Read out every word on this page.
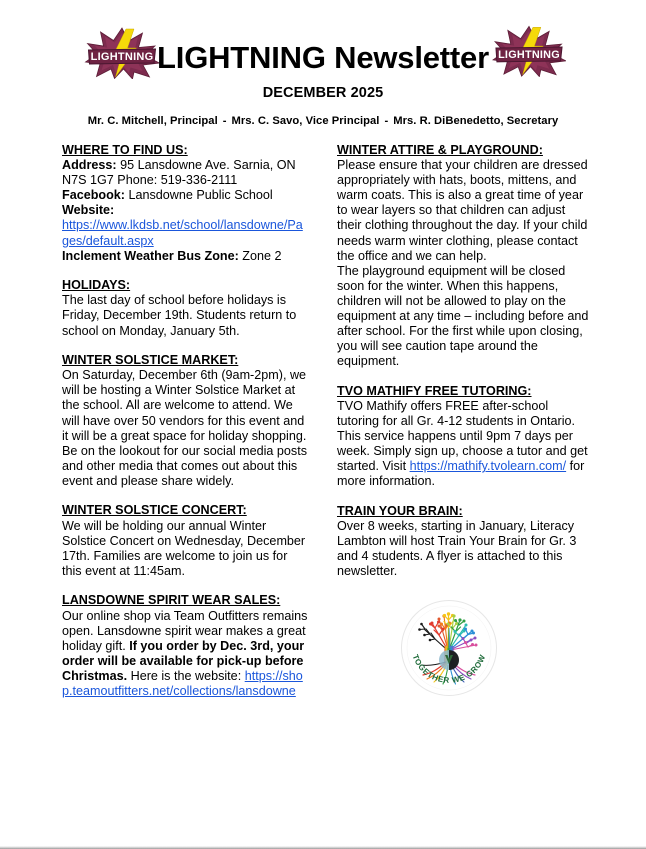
LIGHTNING LIGHTNING Newsletter
DECEMBER 2025
LIGHTNING
Mr. C. Mitchell, Principal - Mrs. C. Savo, Vice Principal - Mrs. R. DiBenedetto, Secretary

WHERE TO FIND US:

Address: 95 Lansdowne Ave. Sarnia, ON N7S 1G7 Phone: 519-336-2111

Facebook: Lansdowne Public School

Website:

https://www.lkdsb.net/school/lansdowne/Pages/default.aspx

Inclement Weather Bus Zone: Zone 2

HOLIDAYS:

The last day of school before holidays is Friday, December 19th. Students return to school on Monday, January 5th.

WINTER SOLSTICE MARKET:

On Saturday, December 6th (9am-2pm), we will be hosting a Winter Solstice Market at the school. All are welcome to attend. We will have over 50 vendors for this event and it will be a great space for holiday shopping. Be on the lookout for our social media posts and other media that comes out about this event and please share widely.

WINTER SOLSTICE CONCERT:

We will be holding our annual Winter Solstice Concert on Wednesday, December 17th. Families are welcome to join us for this event at 11:45am.

LANSDOWNE SPIRIT WEAR SALES:

Our online shop via Team Outfitters remains open. Lansdowne spirit wear makes a great holiday gift. If you order by Dec. 3rd, your order will be available for pick-up before Christmas. Here is the website: https://shop.teamoutfitters.net/collections/lansdowne

WINTER ATTIRE & PLAYGROUND:

Please ensure that your children are dressed appropriately with hats, boots, mittens, and warm coats. This is also a great time of year to wear layers so that children can adjust their clothing throughout the day. If your child needs warm winter clothing, please contact the office and we can help.

The playground equipment will be closed soon for the winter. When this happens, children will not be allowed to play on the equipment at any time – including before and after school. For the first while upon closing, you will see caution tape around the equipment.

TVO MATHIFY FREE TUTORING:

TVO Mathify offers FREE after-school tutoring for all Gr. 4-12 students in Ontario. This service happens until 9pm 7 days per week. Simply sign up, choose a tutor and get started. Visit https://mathify.tvolearn.com/ for more information.

TRAIN YOUR BRAIN:

Over 8 weeks, starting in January, Literacy Lambton will host Train Your Brain for Gr. 3 and 4 students. A flyer is attached to this newsletter.

TOGETHER WE GROW
